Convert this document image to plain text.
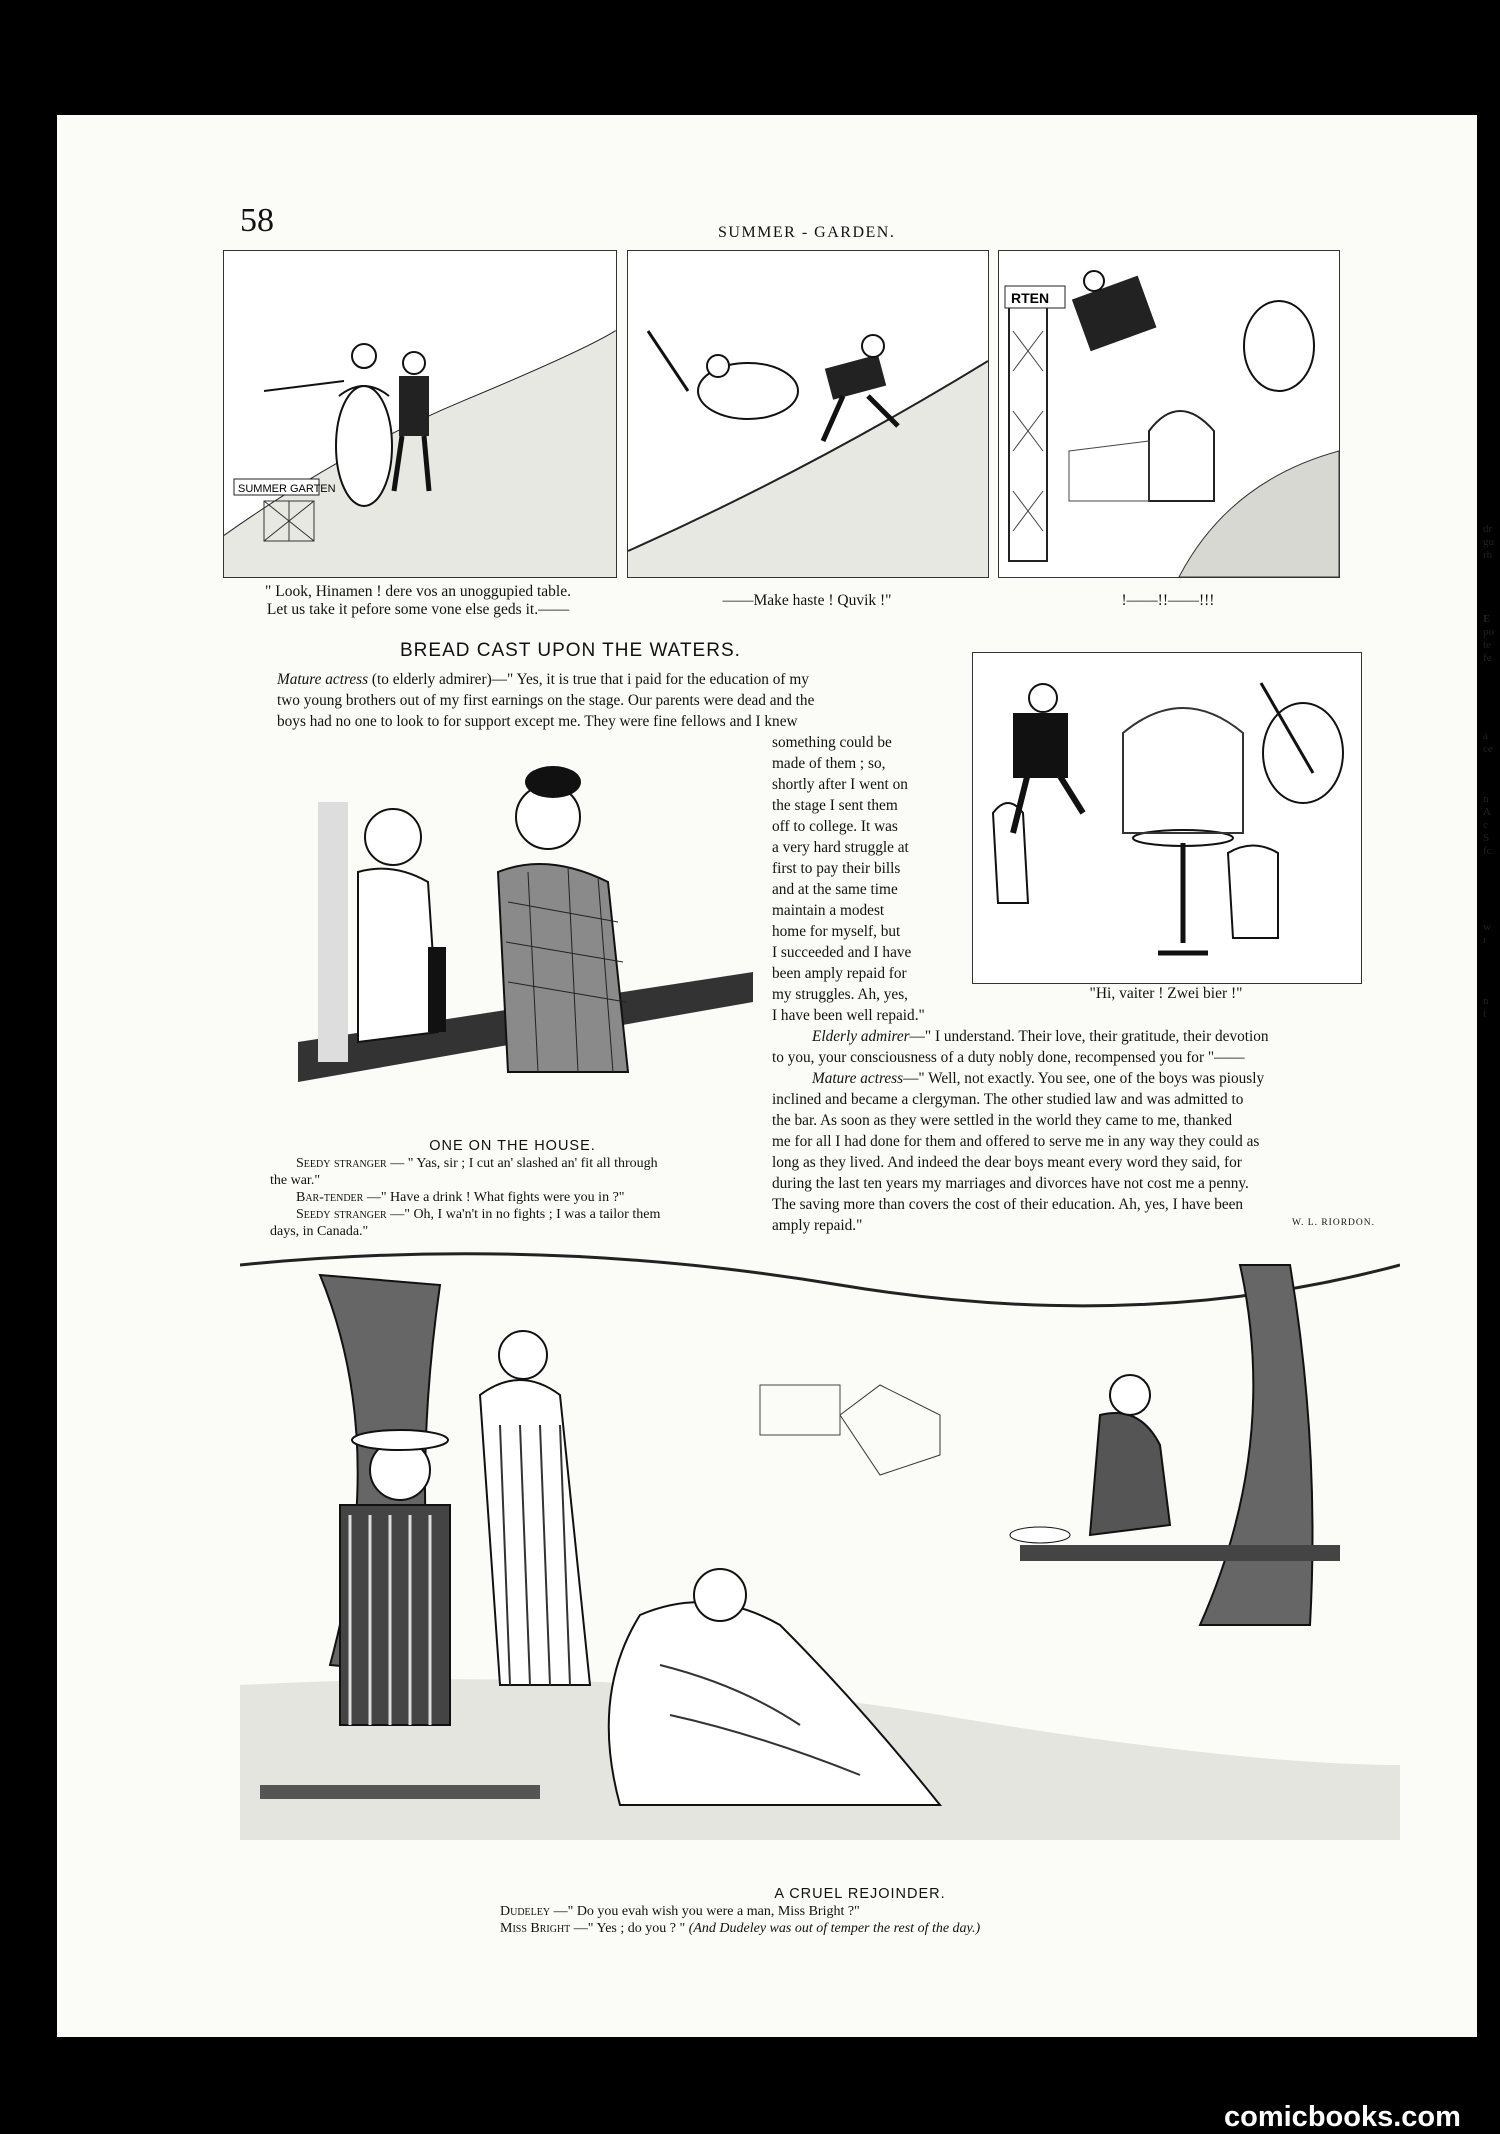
58	SUMMER - GARDEN.
SUMMER GARTEN
RTEN
" Look, Hinamen ! dere vos an unoggupied table.
Let us take it pefore some vone else geds it.——
——Make haste ! Quvik !"	!——!!——!!!
BREAD CAST UPON THE WATERS.
Mature actress (to elderly admirer)—" Yes, it is true that i paid for the education of my
two young brothers out of my first earnings on the stage. Our parents were dead and the
boys had no one to look to for support except me. They were fine fellows and I knew
something could be
made of them ; so,
shortly after I went on
the stage I sent them
off to college. It was
a very hard struggle at
first to pay their bills
and at the same time
maintain a modest
home for myself, but
I succeeded and I have
been amply repaid for
my struggles. Ah, yes,
I have been well repaid."
Elderly admirer—" I understand. Their love, their gratitude, their devotion
to you, your consciousness of a duty nobly done, recompensed you for "——
Mature actress—" Well, not exactly. You see, one of the boys was piously
inclined and became a clergyman. The other studied law and was admitted to
the bar. As soon as they were settled in the world they came to me, thanked
me for all I had done for them and offered to serve me in any way they could as
long as they lived. And indeed the dear boys meant every word they said, for
during the last ten years my marriages and divorces have not cost me a penny.
The saving more than covers the cost of their education. Ah, yes, I have been
amply repaid."	W. L. RIORDON.
ONE ON THE HOUSE.
Seedy stranger — " Yas, sir ; I cut an' slashed an' fit all through
the war."
Bar-tender —" Have a drink ! What fights were you in ?"
Seedy stranger —" Oh, I wa'n't in no fights ; I was a tailor them
days, in Canada."
"Hi, vaiter ! Zwei bier !"
A CRUEL REJOINDER.
Dudeley —" Do you evah wish you were a man, Miss Bright ?"
Miss Bright —" Yes ; do you ? " (And Dudeley was out of temper the rest of the day.)
dr
gu
rh
E
po
te
fe
a
ce
n
A
c
S
fc
w
r
n
t
comicbooks.com
